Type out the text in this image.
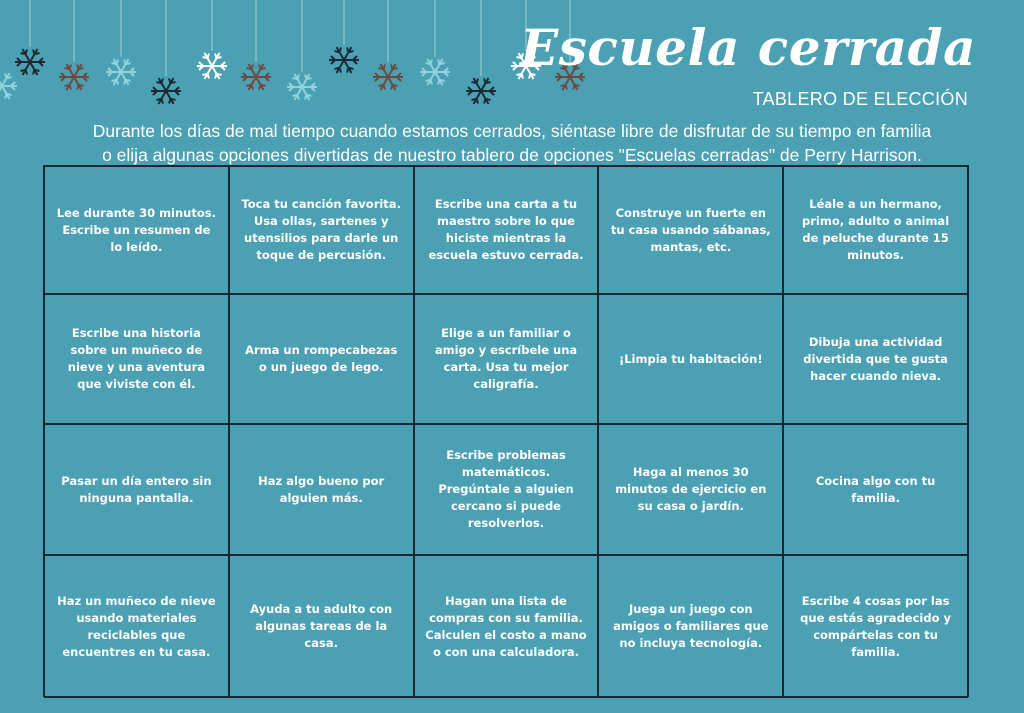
Escuela cerrada
TABLERO DE ELECCIÓN
Durante los días de mal tiempo cuando estamos cerrados, siéntase libre de disfrutar de su tiempo en familia
o elija algunas opciones divertidas de nuestro tablero de opciones "Escuelas cerradas" de Perry Harrison.
Lee durante 30 minutos. Escribe un resumen de lo leído.
Toca tu canción favorita. Usa ollas, sartenes y utensilios para darle un toque de percusión.
Escribe una carta a tu maestro sobre lo que hiciste mientras la escuela estuvo cerrada.
Construye un fuerte en tu casa usando sábanas, mantas, etc.
Léale a un hermano, primo, adulto o animal de peluche durante 15 minutos.
Escribe una historia sobre un muñeco de nieve y una aventura que viviste con él.
Arma un rompecabezas o un juego de lego.
Elige a un familiar o amigo y escríbele una carta. Usa tu mejor caligrafía.
¡Limpia tu habitación!
Dibuja una actividad divertida que te gusta hacer cuando nieva.
Pasar un día entero sin ninguna pantalla.
Haz algo bueno por alguien más.
Escribe problemas matemáticos. Pregúntale a alguien cercano si puede resolverlos.
Haga al menos 30 minutos de ejercicio en su casa o jardín.
Cocina algo con tu familia.
Haz un muñeco de nieve usando materiales reciclables que encuentres en tu casa.
Ayuda a tu adulto con algunas tareas de la casa.
Hagan una lista de compras con su familia. Calculen el costo a mano o con una calculadora.
Juega un juego con amigos o familiares que no incluya tecnología.
Escribe 4 cosas por las que estás agradecido y compártelas con tu familia.
